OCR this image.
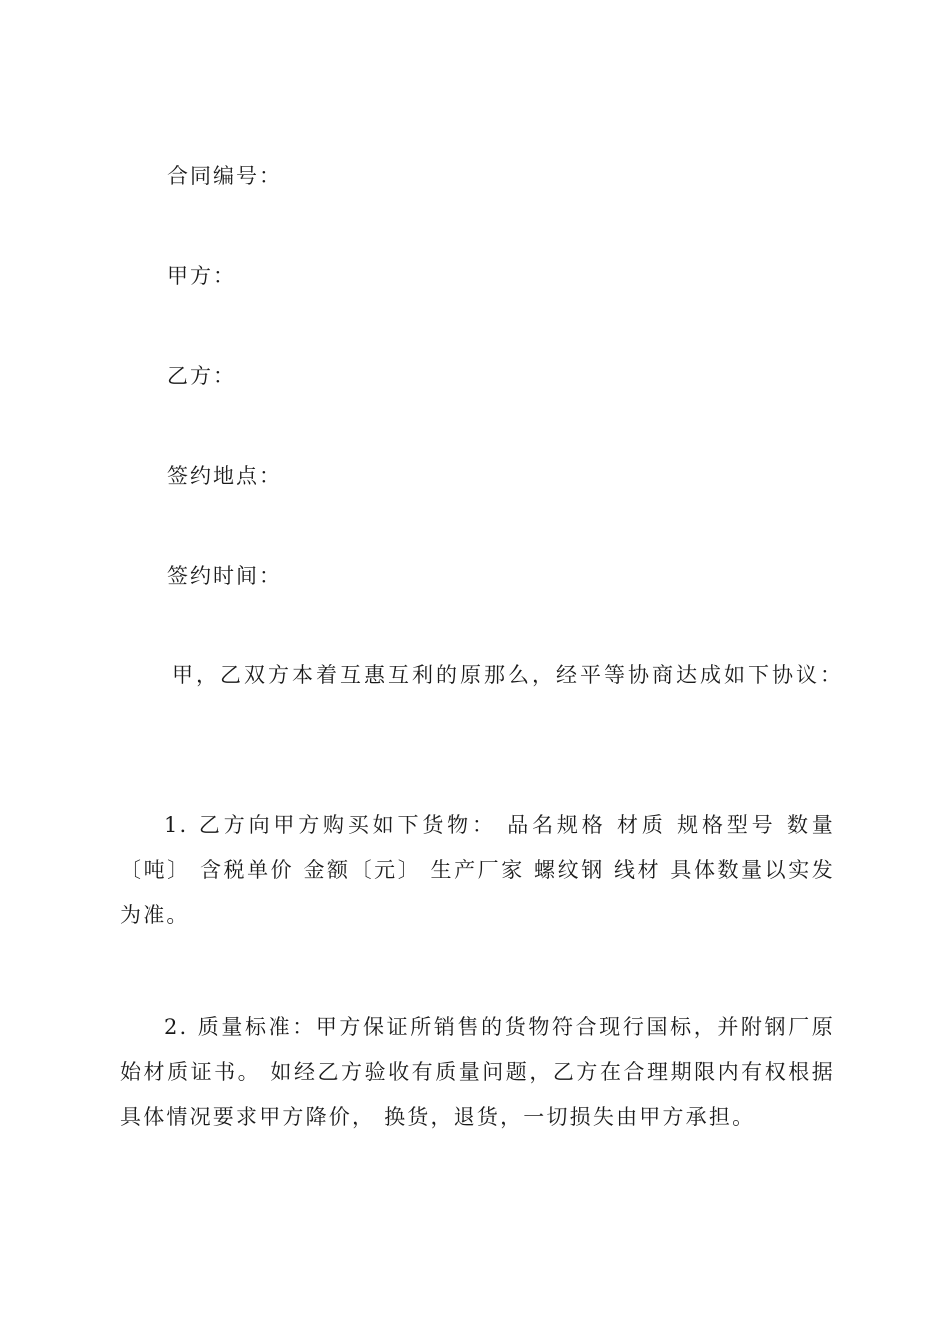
合同编号：
甲方：
乙方：
签约地点：
签约时间：
甲，乙双方本着互惠互利的原那么，经平等协商达成如下协议：

1. 乙方向甲方购买如下货物： 品名规格 材质 规格型号 数量〔吨〕 含税单价 金额〔元〕 生产厂家 螺纹钢 线材 具体数量以实发为准。

2. 质量标准：甲方保证所销售的货物符合现行国标，并附钢厂原始材质证书。 如经乙方验收有质量问题，乙方在合理期限内有权根据具体情况要求甲方降价， 换货，退货，一切损失由甲方承担。
